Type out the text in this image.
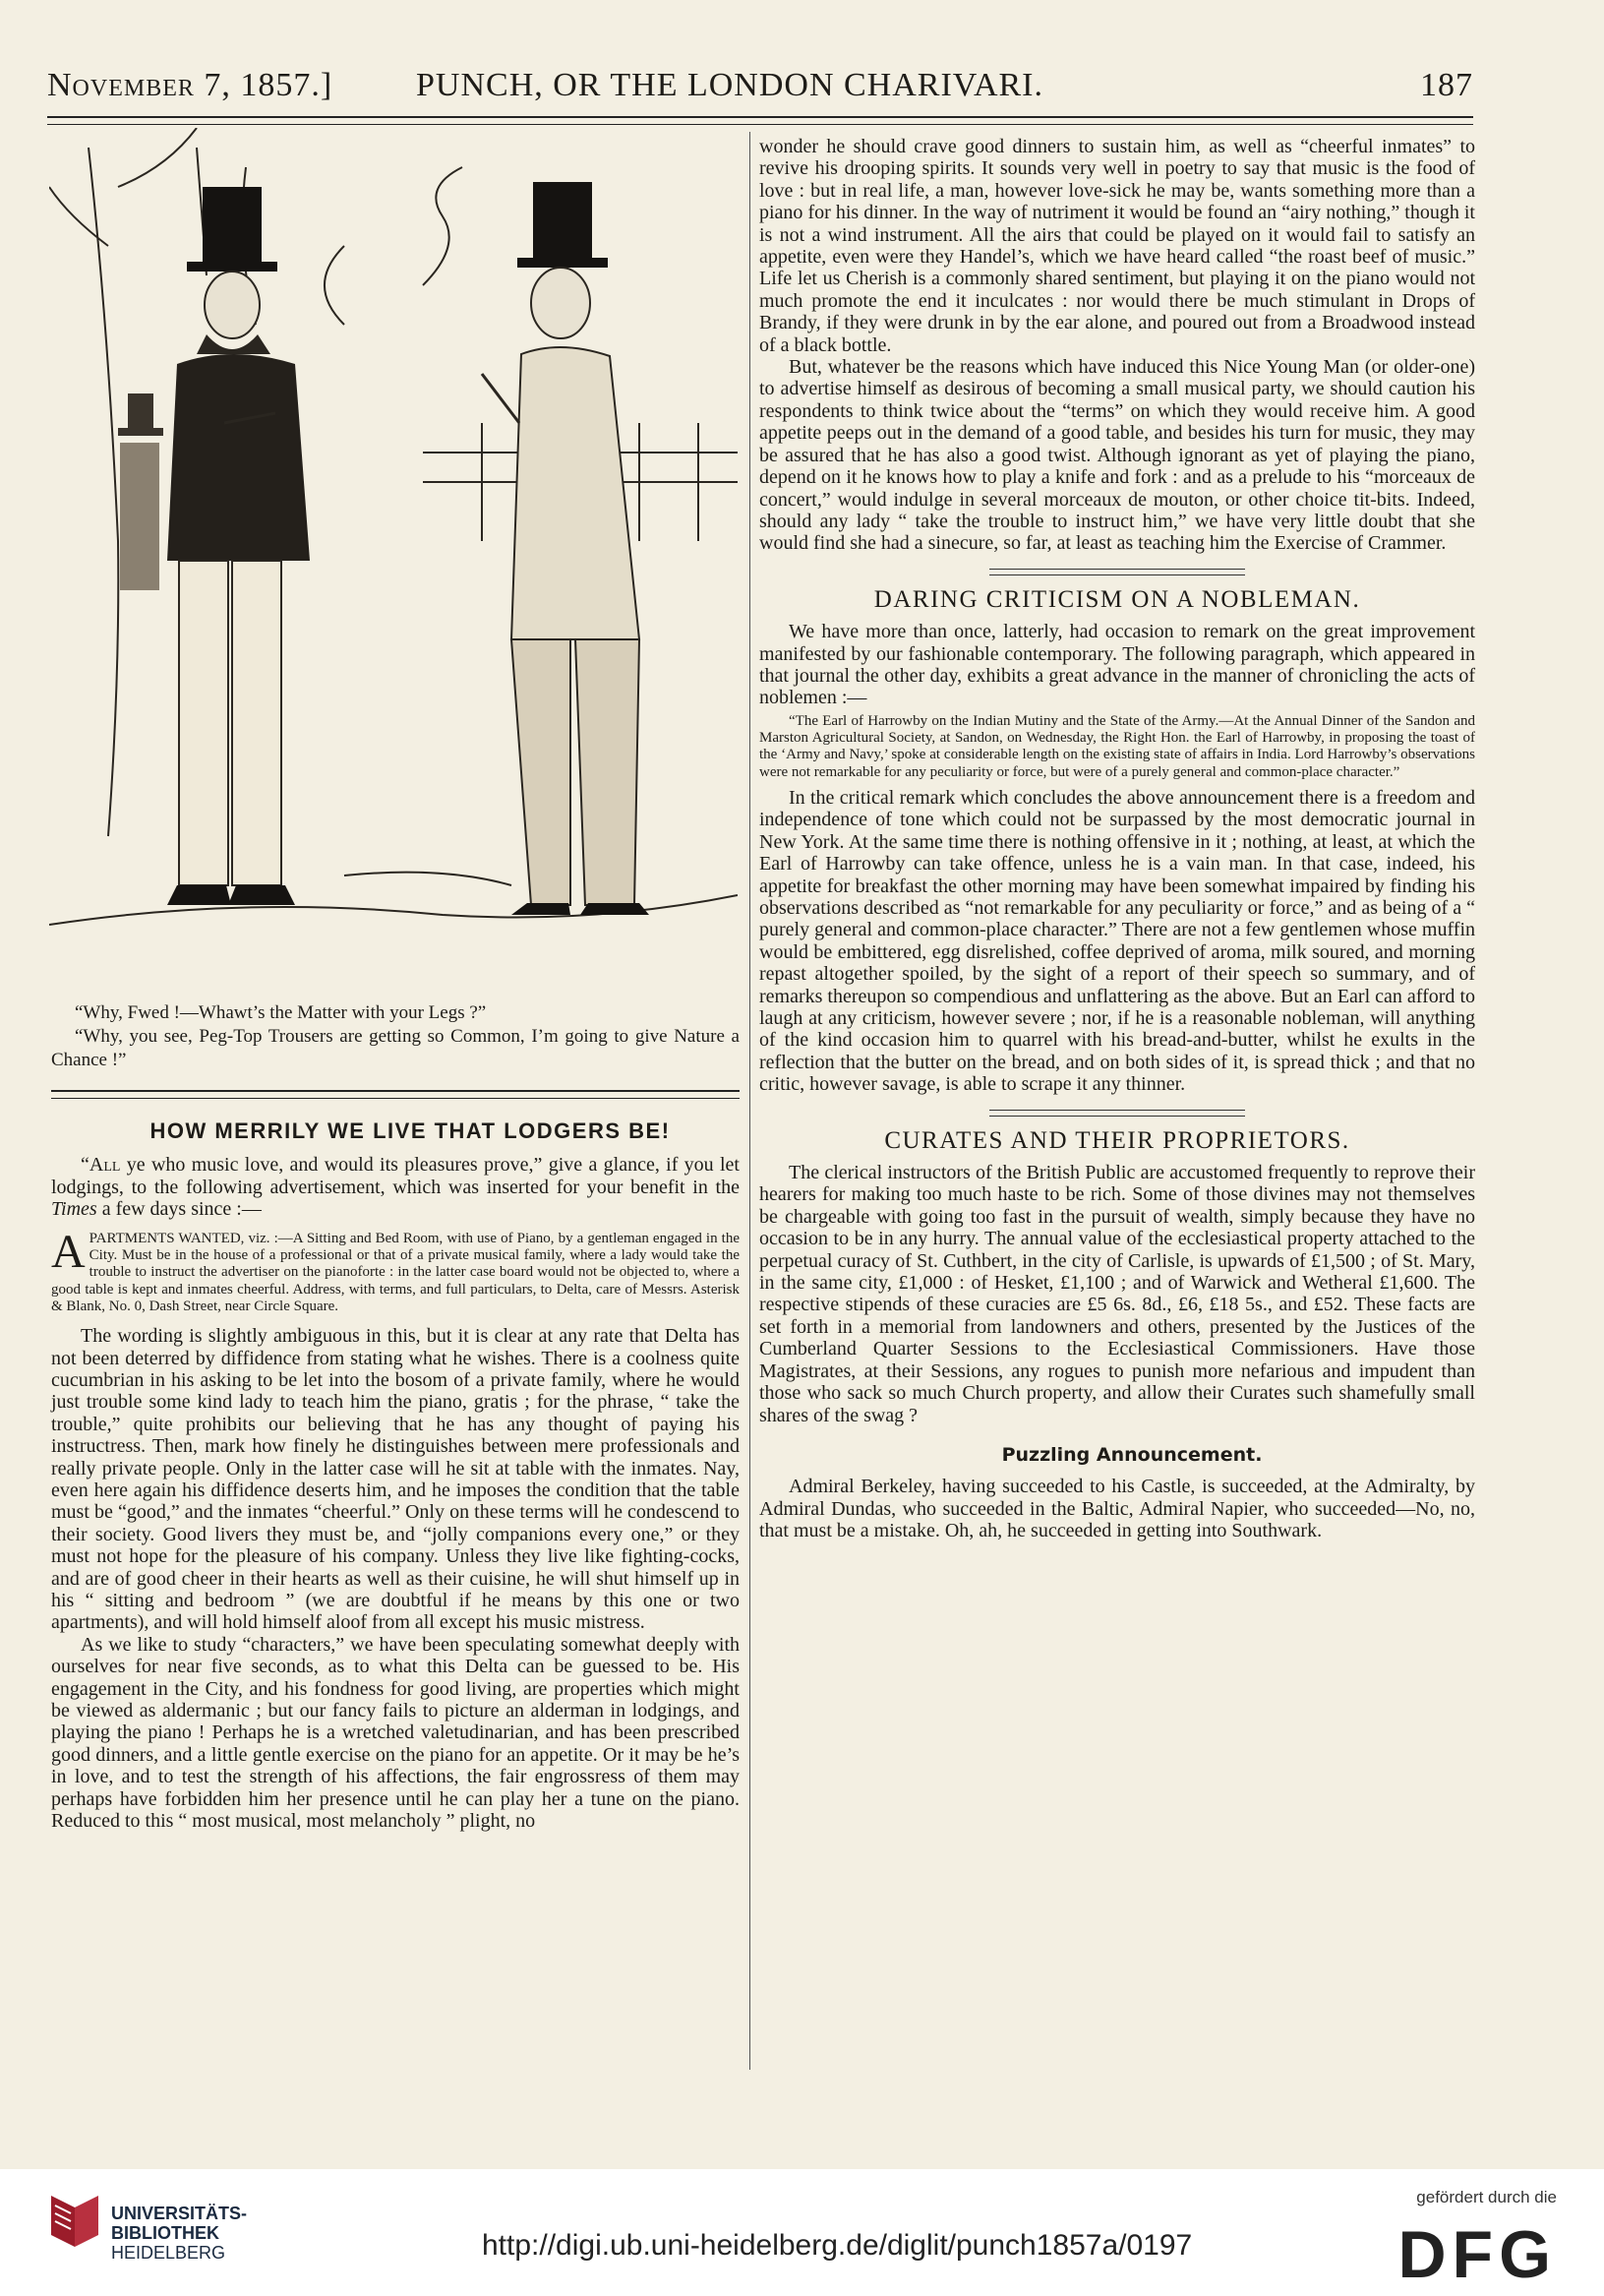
November 7, 1857.] PUNCH, OR THE LONDON CHARIVARI.	187

“Why, Fwed !—Whawt’s the Matter with your Legs ?”

“Why, you see, Peg-Top Trousers are getting so Common, I’m going to give Nature a Chance !”

HOW MERRILY WE LIVE THAT LODGERS BE!

“All ye who music love, and would its pleasures prove,” give a glance, if you let lodgings, to the following advertisement, which was inserted for your benefit in the Times a few days since :—

APARTMENTS WANTED, viz. :—A Sitting and Bed Room, with use of Piano, by a gentleman engaged in the City. Must be in the house of a professional or that of a private musical family, where a lady would take the trouble to instruct the advertiser on the pianoforte : in the latter case board would not be objected to, where a good table is kept and inmates cheerful. Address, with terms, and full particulars, to Delta, care of Messrs. Asterisk & Blank, No. 0, Dash Street, near Circle Square.

The wording is slightly ambiguous in this, but it is clear at any rate that Delta has not been deterred by diffidence from stating what he wishes. There is a coolness quite cucumbrian in his asking to be let into the bosom of a private family, where he would just trouble some kind lady to teach him the piano, gratis ; for the phrase, “ take the trouble,” quite prohibits our believing that he has any thought of paying his instructress. Then, mark how finely he distinguishes between mere professionals and really private people. Only in the latter case will he sit at table with the inmates. Nay, even here again his diffidence deserts him, and he imposes the condition that the table must be “good,” and the inmates “cheerful.” Only on these terms will he condescend to their society. Good livers they must be, and “jolly companions every one,” or they must not hope for the pleasure of his company. Unless they live like fighting-cocks, and are of good cheer in their hearts as well as their cuisine, he will shut himself up in his “ sitting and bedroom ” (we are doubtful if he means by this one or two apartments), and will hold himself aloof from all except his music mistress.

As we like to study “characters,” we have been speculating somewhat deeply with ourselves for near five seconds, as to what this Delta can be guessed to be. His engagement in the City, and his fondness for good living, are properties which might be viewed as aldermanic ; but our fancy fails to picture an alderman in lodgings, and playing the piano ! Perhaps he is a wretched valetudinarian, and has been prescribed good dinners, and a little gentle exercise on the piano for an appetite. Or it may be he’s in love, and to test the strength of his affections, the fair engrossress of them may perhaps have forbidden him her presence until he can play her a tune on the piano. Reduced to this “ most musical, most melancholy ” plight, no

wonder he should crave good dinners to sustain him, as well as “cheerful inmates” to revive his drooping spirits. It sounds very well in poetry to say that music is the food of love : but in real life, a man, however love-sick he may be, wants something more than a piano for his dinner. In the way of nutriment it would be found an “airy nothing,” though it is not a wind instrument. All the airs that could be played on it would fail to satisfy an appetite, even were they Handel’s, which we have heard called “the roast beef of music.” Life let us Cherish is a commonly shared sentiment, but playing it on the piano would not much promote the end it inculcates : nor would there be much stimulant in Drops of Brandy, if they were drunk in by the ear alone, and poured out from a Broadwood instead of a black bottle.

But, whatever be the reasons which have induced this Nice Young Man (or older-one) to advertise himself as desirous of becoming a small musical party, we should caution his respondents to think twice about the “terms” on which they would receive him. A good appetite peeps out in the demand of a good table, and besides his turn for music, they may be assured that he has also a good twist. Although ignorant as yet of playing the piano, depend on it he knows how to play a knife and fork : and as a prelude to his “morceaux de concert,” would indulge in several morceaux de mouton, or other choice tit-bits. Indeed, should any lady “ take the trouble to instruct him,” we have very little doubt that she would find she had a sinecure, so far, at least as teaching him the Exercise of Crammer.

DARING CRITICISM ON A NOBLEMAN.

We have more than once, latterly, had occasion to remark on the great improvement manifested by our fashionable contemporary. The following paragraph, which appeared in that journal the other day, exhibits a great advance in the manner of chronicling the acts of noblemen :—

“The Earl of Harrowby on the Indian Mutiny and the State of the Army.—At the Annual Dinner of the Sandon and Marston Agricultural Society, at Sandon, on Wednesday, the Right Hon. the Earl of Harrowby, in proposing the toast of the ‘Army and Navy,’ spoke at considerable length on the existing state of affairs in India. Lord Harrowby’s observations were not remarkable for any peculiarity or force, but were of a purely general and common-place character.”

In the critical remark which concludes the above announcement there is a freedom and independence of tone which could not be surpassed by the most democratic journal in New York. At the same time there is nothing offensive in it ; nothing, at least, at which the Earl of Harrowby can take offence, unless he is a vain man. In that case, indeed, his appetite for breakfast the other morning may have been somewhat impaired by finding his observations described as “not remarkable for any peculiarity or force,” and as being of a “ purely general and common-place character.” There are not a few gentlemen whose muffin would be embittered, egg disrelished, coffee deprived of aroma, milk soured, and morning repast altogether spoiled, by the sight of a report of their speech so summary, and of remarks thereupon so compendious and unflattering as the above. But an Earl can afford to laugh at any criticism, however severe ; nor, if he is a reasonable nobleman, will anything of the kind occasion him to quarrel with his bread-and-butter, whilst he exults in the reflection that the butter on the bread, and on both sides of it, is spread thick ; and that no critic, however savage, is able to scrape it any thinner.

CURATES AND THEIR PROPRIETORS.

The clerical instructors of the British Public are accustomed frequently to reprove their hearers for making too much haste to be rich. Some of those divines may not themselves be chargeable with going too fast in the pursuit of wealth, simply because they have no occasion to be in any hurry. The annual value of the ecclesiastical property attached to the perpetual curacy of St. Cuthbert, in the city of Carlisle, is upwards of £1,500 ; of St. Mary, in the same city, £1,000 : of Hesket, £1,100 ; and of Warwick and Wetheral £1,600. The respective stipends of these curacies are £5 6s. 8d., £6, £18 5s., and £52. These facts are set forth in a memorial from landowners and others, presented by the Justices of the Cumberland Quarter Sessions to the Ecclesiastical Commissioners. Have those Magistrates, at their Sessions, any rogues to punish more nefarious and impudent than those who sack so much Church property, and allow their Curates such shamefully small shares of the swag ?

Puzzling Announcement.

Admiral Berkeley, having succeeded to his Castle, is succeeded, at the Admiralty, by Admiral Dundas, who succeeded in the Baltic, Admiral Napier, who succeeded—No, no, that must be a mistake. Oh, ah, he succeeded in getting into Southwark.

UNIVERSITÄTS-
BIBLIOTHEK
HEIDELBERG	http://digi.ub.uni-heidelberg.de/diglit/punch1857a/0197
gefördert durch die
DFG
